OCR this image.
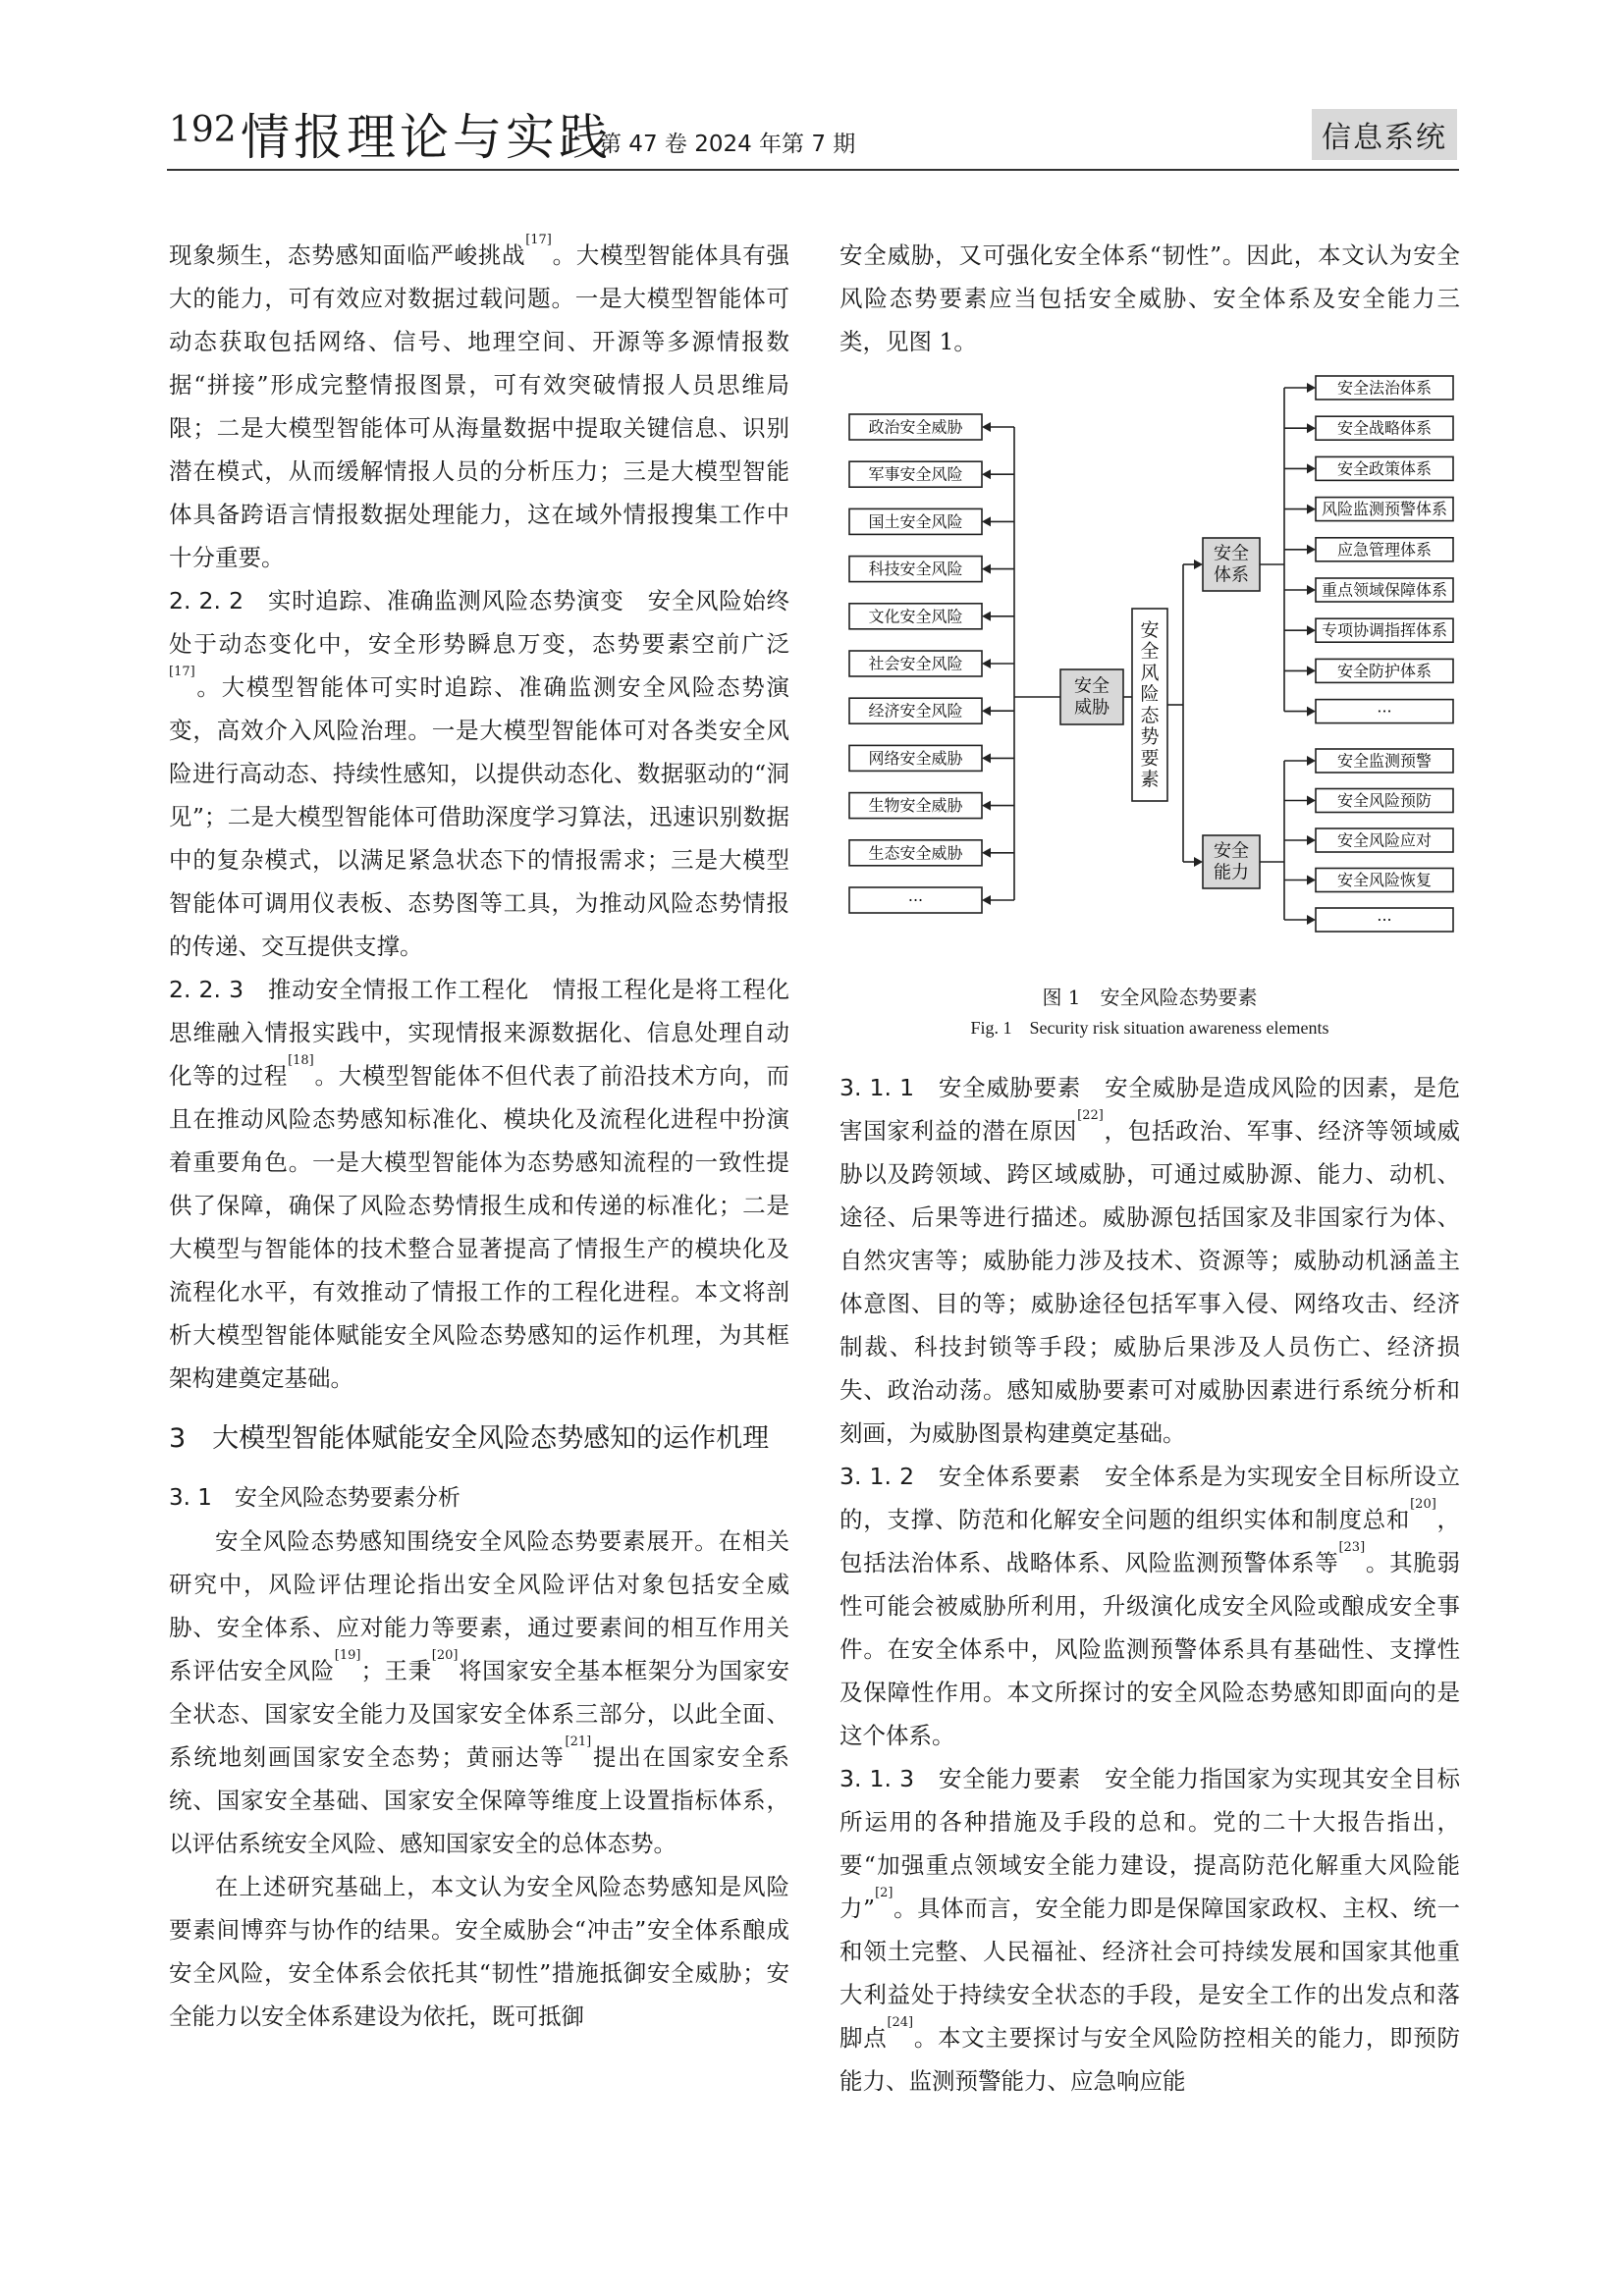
192 情报理论与实践
第 47 卷 2024 年第 7 期	信息系统

现象频生，态势感知面临严峻挑战[17]。大模型智能体具有强大的能力，可有效应对数据过载问题。一是大模型智能体可动态获取包括网络、信号、地理空间、开源等多源情报数据“拼接”形成完整情报图景，可有效突破情报人员思维局限；二是大模型智能体可从海量数据中提取关键信息、识别潜在模式，从而缓解情报人员的分析压力；三是大模型智能体具备跨语言情报数据处理能力，这在域外情报搜集工作中十分重要。

2. 2. 2　实时追踪、准确监测风险态势演变　安全风险始终处于动态变化中，安全形势瞬息万变，态势要素空前广泛[17]。大模型智能体可实时追踪、准确监测安全风险态势演变，高效介入风险治理。一是大模型智能体可对各类安全风险进行高动态、持续性感知，以提供动态化、数据驱动的“洞见”；二是大模型智能体可借助深度学习算法，迅速识别数据中的复杂模式，以满足紧急状态下的情报需求；三是大模型智能体可调用仪表板、态势图等工具，为推动风险态势情报的传递、交互提供支撑。

2. 2. 3　推动安全情报工作工程化　情报工程化是将工程化思维融入情报实践中，实现情报来源数据化、信息处理自动化等的过程[18]。大模型智能体不但代表了前沿技术方向，而且在推动风险态势感知标准化、模块化及流程化进程中扮演着重要角色。一是大模型智能体为态势感知流程的一致性提供了保障，确保了风险态势情报生成和传递的标准化；二是大模型与智能体的技术整合显著提高了情报生产的模块化及流程化水平，有效推动了情报工作的工程化进程。本文将剖析大模型智能体赋能安全风险态势感知的运作机理，为其框架构建奠定基础。

3　大模型智能体赋能安全风险态势感知的运作机理

3. 1　安全风险态势要素分析

安全风险态势感知围绕安全风险态势要素展开。在相关研究中，风险评估理论指出安全风险评估对象包括安全威胁、安全体系、应对能力等要素，通过要素间的相互作用关系评估安全风险[19]；王秉[20]将国家安全基本框架分为国家安全状态、国家安全能力及国家安全体系三部分，以此全面、系统地刻画国家安全态势；黄丽达等[21]提出在国家安全系统、国家安全基础、国家安全保障等维度上设置指标体系，以评估系统安全风险、感知国家安全的总体态势。

在上述研究基础上，本文认为安全风险态势感知是风险要素间博弈与协作的结果。安全威胁会“冲击”安全体系酿成安全风险，安全体系会依托其“韧性”措施抵御安全威胁；安全能力以安全体系建设为依托，既可抵御

安全威胁，又可强化安全体系“韧性”。因此，本文认为安全风险态势要素应当包括安全威胁、安全体系及安全能力三类，见图 1。

政治安全威胁
军事安全风险
国土安全风险
科技安全风险
文化安全风险
社会安全风险
经济安全风险
网络安全威胁
生物安全威胁
生态安全威胁
···
安全
威胁
安
全
风
险
态
势
要
素
安全
体系
安全
能力
安全法治体系
安全战略体系
安全政策体系
风险监测预警体系
应急管理体系
重点领域保障体系
专项协调指挥体系
安全防护体系
···
安全监测预警
安全风险预防
安全风险应对
安全风险恢复
···
图 1　安全风险态势要素
Fig. 1　Security risk situation awareness elements

3. 1. 1　安全威胁要素　安全威胁是造成风险的因素，是危害国家利益的潜在原因[22]，包括政治、军事、经济等领域威胁以及跨领域、跨区域威胁，可通过威胁源、能力、动机、途径、后果等进行描述。威胁源包括国家及非国家行为体、自然灾害等；威胁能力涉及技术、资源等；威胁动机涵盖主体意图、目的等；威胁途径包括军事入侵、网络攻击、经济制裁、科技封锁等手段；威胁后果涉及人员伤亡、经济损失、政治动荡。感知威胁要素可对威胁因素进行系统分析和刻画，为威胁图景构建奠定基础。

3. 1. 2　安全体系要素　安全体系是为实现安全目标所设立的，支撑、防范和化解安全问题的组织实体和制度总和[20]，包括法治体系、战略体系、风险监测预警体系等[23]。其脆弱性可能会被威胁所利用，升级演化成安全风险或酿成安全事件。在安全体系中，风险监测预警体系具有基础性、支撑性及保障性作用。本文所探讨的安全风险态势感知即面向的是这个体系。

3. 1. 3　安全能力要素　安全能力指国家为实现其安全目标所运用的各种措施及手段的总和。党的二十大报告指出，要“加强重点领域安全能力建设，提高防范化解重大风险能力”[2]。具体而言，安全能力即是保障国家政权、主权、统一和领土完整、人民福祉、经济社会可持续发展和国家其他重大利益处于持续安全状态的手段，是安全工作的出发点和落脚点[24]。本文主要探讨与安全风险防控相关的能力，即预防能力、监测预警能力、应急响应能
